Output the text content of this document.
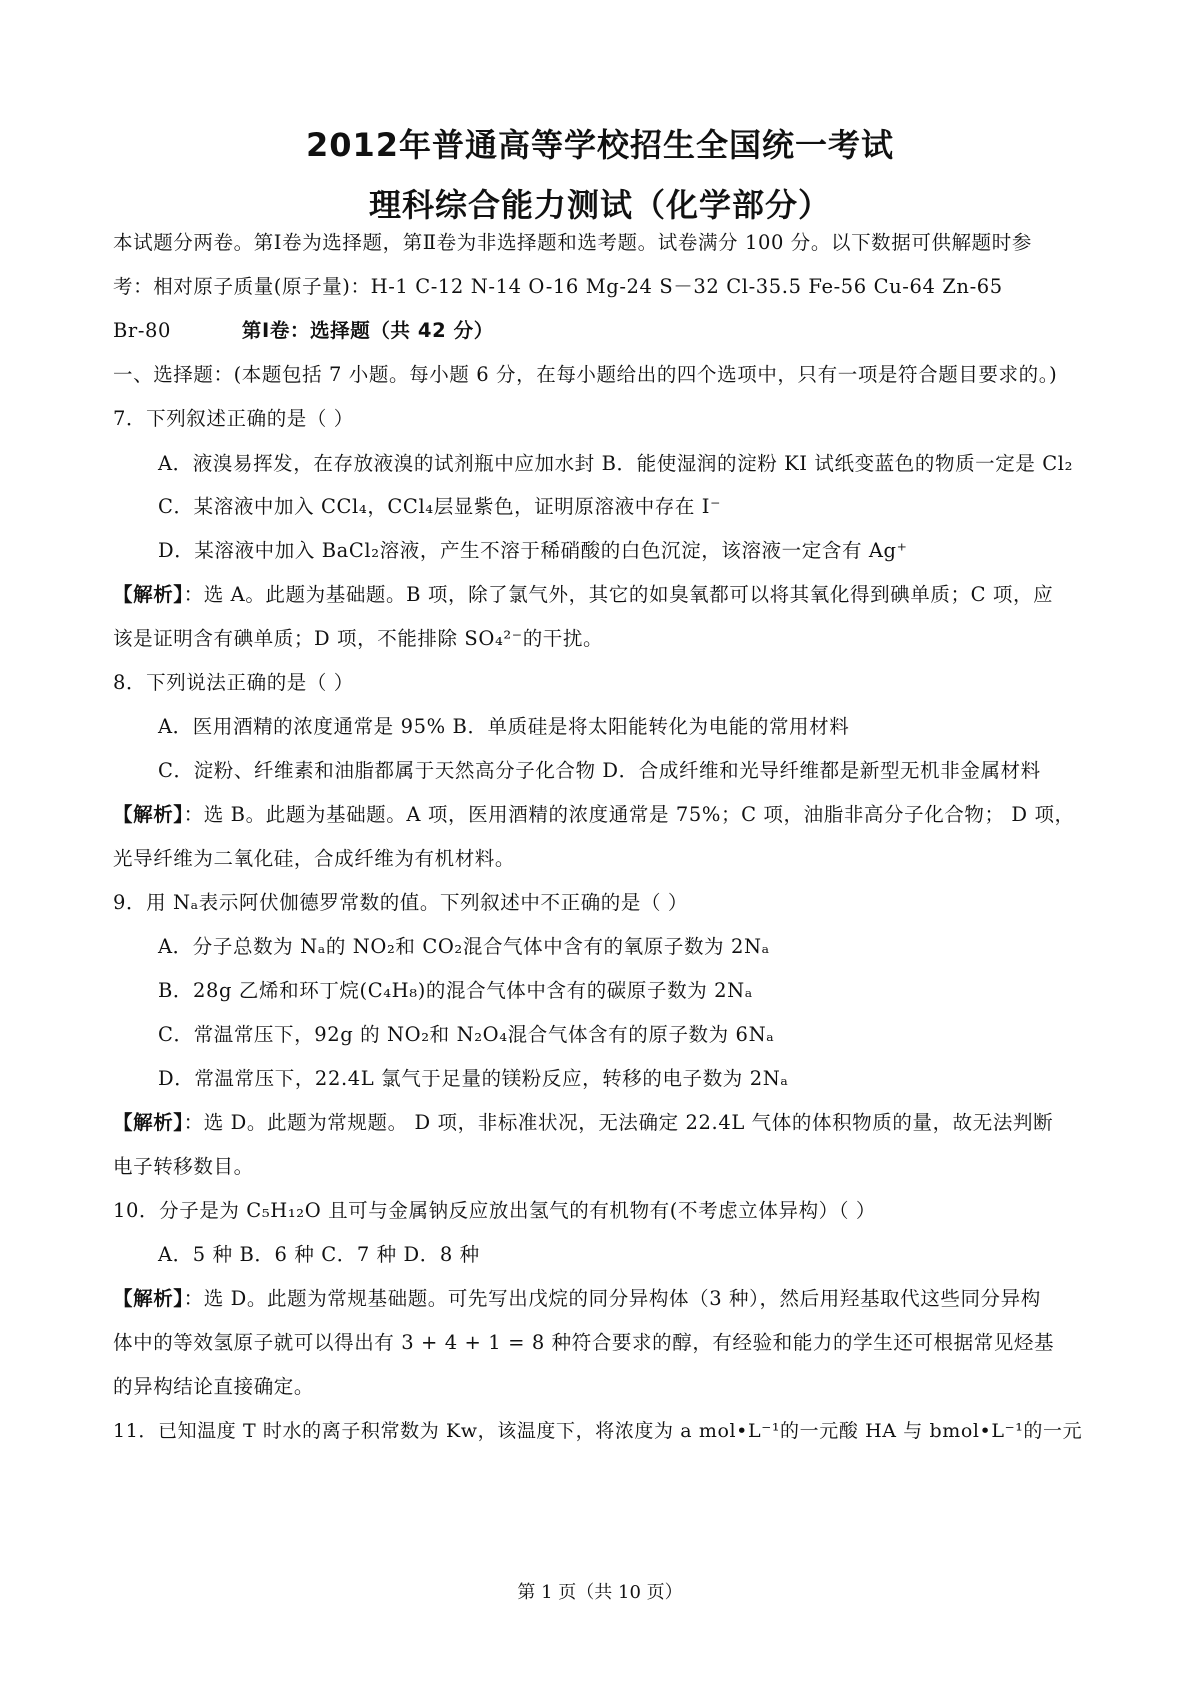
2012年普通高等学校招生全国统一考试
理科综合能力测试（化学部分）
本试题分两卷。第Ⅰ卷为选择题，第Ⅱ卷为非选择题和选考题。试卷满分 100 分。以下数据可供解题时参
考：相对原子质量(原子量)：H-1 C-12 N-14 O-16 Mg-24 S－32 Cl-35.5 Fe-56 Cu-64 Zn-65
Br-80	第Ⅰ卷：选择题（共 42 分）
一、选择题：(本题包括 7 小题。每小题 6 分，在每小题给出的四个选项中，只有一项是符合题目要求的。)
7．下列叙述正确的是（ ）
A．液溴易挥发，在存放液溴的试剂瓶中应加水封 B．能使湿润的淀粉 KI 试纸变蓝色的物质一定是 Cl₂
C．某溶液中加入 CCl₄，CCl₄层显紫色，证明原溶液中存在 I⁻
D．某溶液中加入 BaCl₂溶液，产生不溶于稀硝酸的白色沉淀，该溶液一定含有 Ag⁺
【解析】：选 A。此题为基础题。B 项，除了氯气外，其它的如臭氧都可以将其氧化得到碘单质；C 项，应
该是证明含有碘单质；D 项，不能排除 SO₄²⁻的干扰。
8．下列说法正确的是（ ）
A．医用酒精的浓度通常是 95% B．单质硅是将太阳能转化为电能的常用材料
C．淀粉、纤维素和油脂都属于天然高分子化合物 D．合成纤维和光导纤维都是新型无机非金属材料
【解析】：选 B。此题为基础题。A 项，医用酒精的浓度通常是 75%；C 项，油脂非高分子化合物； D 项，
光导纤维为二氧化硅，合成纤维为有机材料。
9．用 Nₐ表示阿伏伽德罗常数的值。下列叙述中不正确的是（ ）
A．分子总数为 Nₐ的 NO₂和 CO₂混合气体中含有的氧原子数为 2Nₐ
B．28g 乙烯和环丁烷(C₄H₈)的混合气体中含有的碳原子数为 2Nₐ
C．常温常压下，92g 的 NO₂和 N₂O₄混合气体含有的原子数为 6Nₐ
D．常温常压下，22.4L 氯气于足量的镁粉反应，转移的电子数为 2Nₐ
【解析】：选 D。此题为常规题。 D 项，非标准状况，无法确定 22.4L 气体的体积物质的量，故无法判断
电子转移数目。
10．分子是为 C₅H₁₂O 且可与金属钠反应放出氢气的有机物有(不考虑立体异构）（ ）
A．5 种 B．6 种 C．7 种 D．8 种
【解析】：选 D。此题为常规基础题。可先写出戊烷的同分异构体（3 种），然后用羟基取代这些同分异构
体中的等效氢原子就可以得出有 3 + 4 + 1 = 8 种符合要求的醇，有经验和能力的学生还可根据常见烃基
的异构结论直接确定。
11．已知温度 T 时水的离子积常数为 Kw，该温度下，将浓度为 a mol•L⁻¹的一元酸 HA 与 bmol•L⁻¹的一元
第 1 页（共 10 页）
